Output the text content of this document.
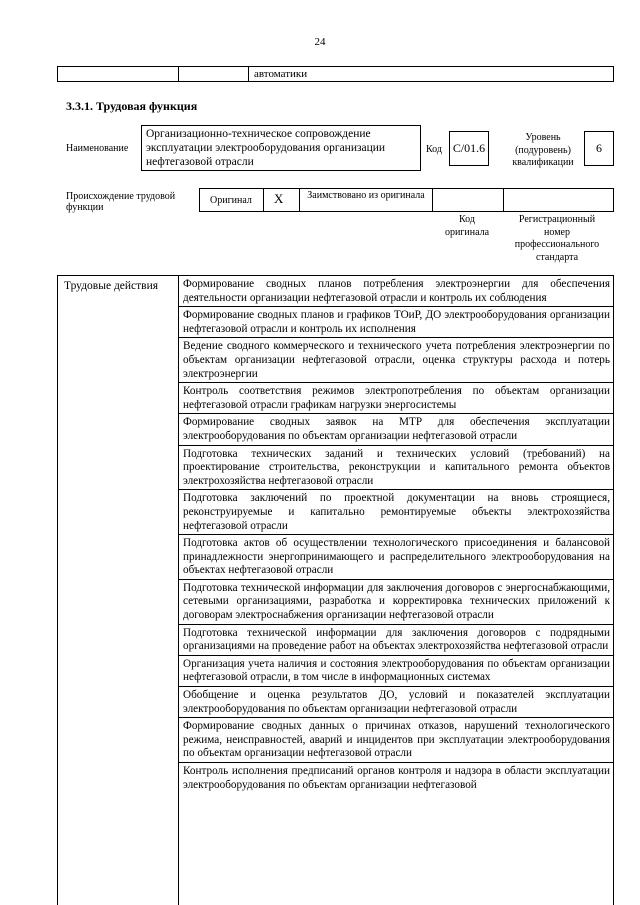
24
автоматики
3.3.1. Трудовая функция
Наименование
Организационно-техническое сопровождение эксплуатации электрооборудования организации нефтегазовой отрасли
Код C/01.6
Уровень (подуровень) квалификации
6
Происхождение трудовой функции
Оригинал X	Заимствовано из оригинала
Код оригинала
Регистрационный номер профессионального стандарта
Трудовые действия	Формирование сводных планов потребления электроэнергии для обеспечения деятельности организации нефтегазовой отрасли и контроль их соблюдения
Формирование сводных планов и графиков ТОиР, ДО электрооборудования организации нефтегазовой отрасли и контроль их исполнения
Ведение сводного коммерческого и технического учета потребления электроэнергии по объектам организации нефтегазовой отрасли, оценка структуры расхода и потерь электроэнергии
Контроль соответствия режимов электропотребления по объектам организации нефтегазовой отрасли графикам нагрузки энергосистемы
Формирование сводных заявок на МТР для обеспечения эксплуатации электрооборудования по объектам организации нефтегазовой отрасли
Подготовка технических заданий и технических условий (требований) на проектирование строительства, реконструкции и капитального ремонта объектов электрохозяйства нефтегазовой отрасли
Подготовка заключений по проектной документации на вновь строящиеся, реконструируемые и капитально ремонтируемые объекты электрохозяйства нефтегазовой отрасли
Подготовка актов об осуществлении технологического присоединения и балансовой принадлежности энергопринимающего и распределительного электрооборудования на объектах нефтегазовой отрасли
Подготовка технической информации для заключения договоров с энергоснабжающими, сетевыми организациями, разработка и корректировка технических приложений к договорам электроснабжения организации нефтегазовой отрасли
Подготовка технической информации для заключения договоров с подрядными организациями на проведение работ на объектах электрохозяйства нефтегазовой отрасли
Организация учета наличия и состояния электрооборудования по объектам организации нефтегазовой отрасли, в том числе в информационных системах
Обобщение и оценка результатов ДО, условий и показателей эксплуатации электрооборудования по объектам организации нефтегазовой отрасли
Формирование сводных данных о причинах отказов, нарушений технологического режима, неисправностей, аварий и инцидентов при эксплуатации электрооборудования по объектам организации нефтегазовой отрасли
Контроль исполнения предписаний органов контроля и надзора в области эксплуатации электрооборудования по объектам организации нефтегазовой
